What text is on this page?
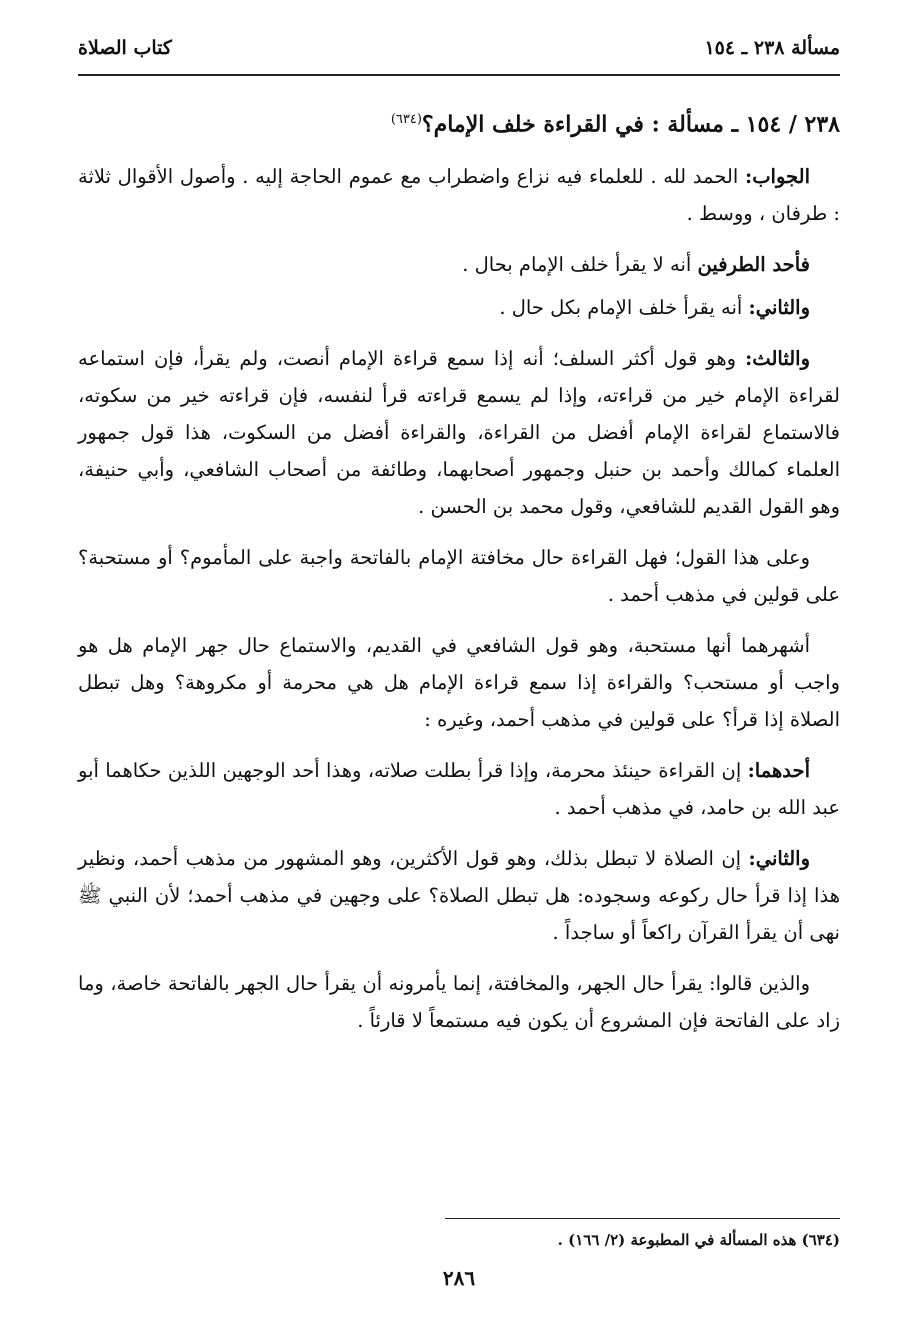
مسألة ٢٣٨ ـ ١٥٤
كتاب الصلاة
٢٣٨ / ١٥٤ ـ مسألة : في القراءة خلف الإمام؟$^{(٦٣٤)}$

الجواب: الحمد لله . للعلماء فيه نزاع واضطراب مع عموم الحاجة إليه . وأصول الأقوال ثلاثة : طرفان ، ووسط .

فأحد الطرفين أنه لا يقرأ خلف الإمام بحال .

والثاني: أنه يقرأ خلف الإمام بكل حال .

والثالث: وهو قول أكثر السلف؛ أنه إذا سمع قراءة الإمام أنصت، ولم يقرأ، فإن استماعه لقراءة الإمام خير من قراءته، وإذا لم يسمع قراءته قرأ لنفسه، فإن قراءته خير من سكوته، فالاستماع لقراءة الإمام أفضل من القراءة، والقراءة أفضل من السكوت، هذا قول جمهور العلماء كمالك وأحمد بن حنبل وجمهور أصحابهما، وطائفة من أصحاب الشافعي، وأبي حنيفة، وهو القول القديم للشافعي، وقول محمد بن الحسن .

وعلى هذا القول؛ فهل القراءة حال مخافتة الإمام بالفاتحة واجبة على المأموم؟ أو مستحبة؟ على قولين في مذهب أحمد .

أشهرهما أنها مستحبة، وهو قول الشافعي في القديم، والاستماع حال جهر الإمام هل هو واجب أو مستحب؟ والقراءة إذا سمع قراءة الإمام هل هي محرمة أو مكروهة؟ وهل تبطل الصلاة إذا قرأ؟ على قولين في مذهب أحمد، وغيره :

أحدهما: إن القراءة حينئذ محرمة، وإذا قرأ بطلت صلاته، وهذا أحد الوجهين اللذين حكاهما أبو عبد الله بن حامد، في مذهب أحمد .

والثاني: إن الصلاة لا تبطل بذلك، وهو قول الأكثرين، وهو المشهور من مذهب أحمد، ونظير هذا إذا قرأ حال ركوعه وسجوده: هل تبطل الصلاة؟ على وجهين في مذهب أحمد؛ لأن النبي ﷺ نهى أن يقرأ القرآن راكعاً أو ساجداً .

والذين قالوا: يقرأ حال الجهر، والمخافتة، إنما يأمرونه أن يقرأ حال الجهر بالفاتحة خاصة، وما زاد على الفاتحة فإن المشروع أن يكون فيه مستمعاً لا قارئاً .

(٦٣٤) هذه المسألة في المطبوعة (٢/ ١٦٦) .
٢٨٦
